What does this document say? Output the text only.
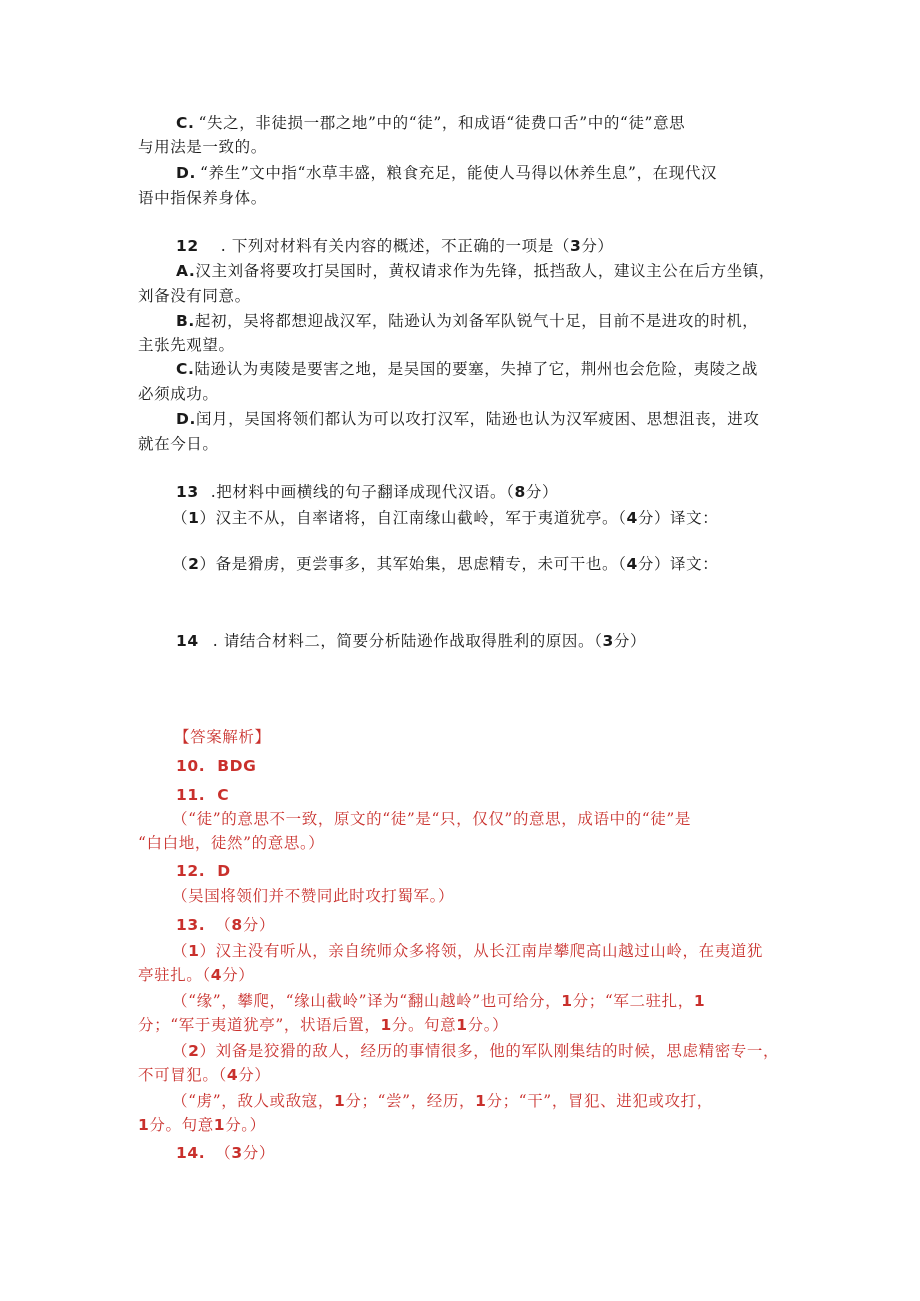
C. “失之，非徒损一郡之地”中的“徒”，和成语“徒费口舌”中的“徒”意思
与用法是一致的。
D. “养生”文中指“水草丰盛，粮食充足，能使人马得以休养生息”，在现代汉
语中指保养身体。
12 . 下列对材料有关内容的概述，不正确的一项是（3分）
A.汉主刘备将要攻打吴国时，黄权请求作为先锋，抵挡敌人，建议主公在后方坐镇，
刘备没有同意。
B.起初，吴将都想迎战汉军，陆逊认为刘备军队锐气十足，目前不是进攻的时机，
主张先观望。
C.陆逊认为夷陵是要害之地，是吴国的要塞，失掉了它，荆州也会危险，夷陵之战
必须成功。
D.闰月，吴国将领们都认为可以攻打汉军，陆逊也认为汉军疲困、思想沮丧，进攻
就在今日。
13 .把材料中画横线的句子翻译成现代汉语。（8分）
（1）汉主不从，自率诸将，自江南缘山截岭，军于夷道犹亭。（4分）译文：
（2）备是猾虏，更尝事多，其军始集，思虑精专，未可干也。（4分）译文：
14 . 请结合材料二，简要分析陆逊作战取得胜利的原因。（3分）
【答案解析】
10. BDG
11. C
（“徒”的意思不一致，原文的“徒”是“只，仅仅”的意思，成语中的“徒”是
“白白地，徒然”的意思。）
12. D
（吴国将领们并不赞同此时攻打蜀军。）
13. （8分）
（1）汉主没有听从，亲自统师众多将领，从长江南岸攀爬高山越过山岭，在夷道犹
亭驻扎。（4分）
（“缘”，攀爬，“缘山截岭”译为“翻山越岭”也可给分，1分；“军二驻扎，1
分；“军于夷道犹亭”，状语后置，1分。句意1分。）
（2）刘备是狡猾的敌人，经历的事情很多，他的军队刚集结的时候，思虑精密专一，
不可冒犯。（4分）
（“虏”，敌人或敌寇，1分；“尝”，经历，1分；“干”，冒犯、进犯或攻打，
1分。句意1分。）
14. （3分）
